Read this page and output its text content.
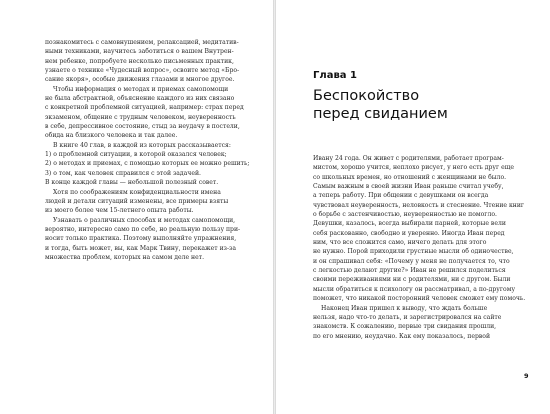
познакомитесь с самовнушением, релаксацией, медитатив-
ными техниками, научитесь заботиться о вашем Внутрен-
нем ребенке, попробуете несколько письменных практик,
узнаете о технике «Чудесный вопрос», освоите метод «Бро-
сание якоря», особые движения глазами и многое другое.
Чтобы информация о методах и приемах самопомощи
не была абстрактной, объяснение каждого из них связано
с конкретной проблемной ситуацией, например: страх перед
экзаменом, общение с трудным человеком, неуверенность
в себе, депрессивное состояние, стыд за неудачу в постели,
обида на близкого человека и так далее.
В книге 40 глав, в каждой из которых рассказывается:
1) о проблемной ситуации, в которой оказался человек;
2) о методах и приемах, с помощью которых ее можно решить;
3) о том, как человек справился с этой задачей.
В конце каждой главы — небольшой полезный совет.
Хотя по соображениям конфиденциальности имена
людей и детали ситуаций изменены, все примеры взяты
из моего более чем 15-летнего опыта работы.
Узнавать о различных способах и методах самопомощи,
вероятно, интересно само по себе, но реальную пользу при-
носит только практика. Поэтому выполняйте упражнения,
и тогда, быть может, вы, как Марк Твину, перекажет из-за
множества проблем, которых на самом деле нет.
Глава 1
Беспокойство
перед свиданием
Ивану 24 года. Он живет с родителями, работает програм-
мистом, хорошо учится, неплохо рисует, у него есть друг еще
со школьных времен, но отношений с женщинами не было.
Самым важным в своей жизни Иван раньше считал учебу,
а теперь работу. При общении с девушками он всегда
чувствовал неуверенность, неловкость и стеснение. Чтение книг
о борьбе с застенчивостью, неуверенностью не помогло.
Девушки, казалось, всегда выбирали парней, которые вели
себя раскованно, свободно и уверенно. Иногда Иван перед
ним, что все сложится само, ничего делать для этого
не нужно. Порой приходили грустные мысли об одиночестве,
и он спрашивал себя: «Почему у меня не получается то, что
с легкостью делают другие?» Иван не решился поделиться
своими переживаниями ни с родителями, ни с другом. Были
мысли обратиться к психологу он рассматривал, а по-другому
поможет, что никакой посторонний человек сможет ему помочь.
Наконец Иван пришел к выводу, что ждать больше
нельзя, надо что-то делать, и зарегистрировался на сайте
знакомств. К сожалению, первые три свидания прошли,
по его мнению, неудачно. Как ему показалось, первой
9
